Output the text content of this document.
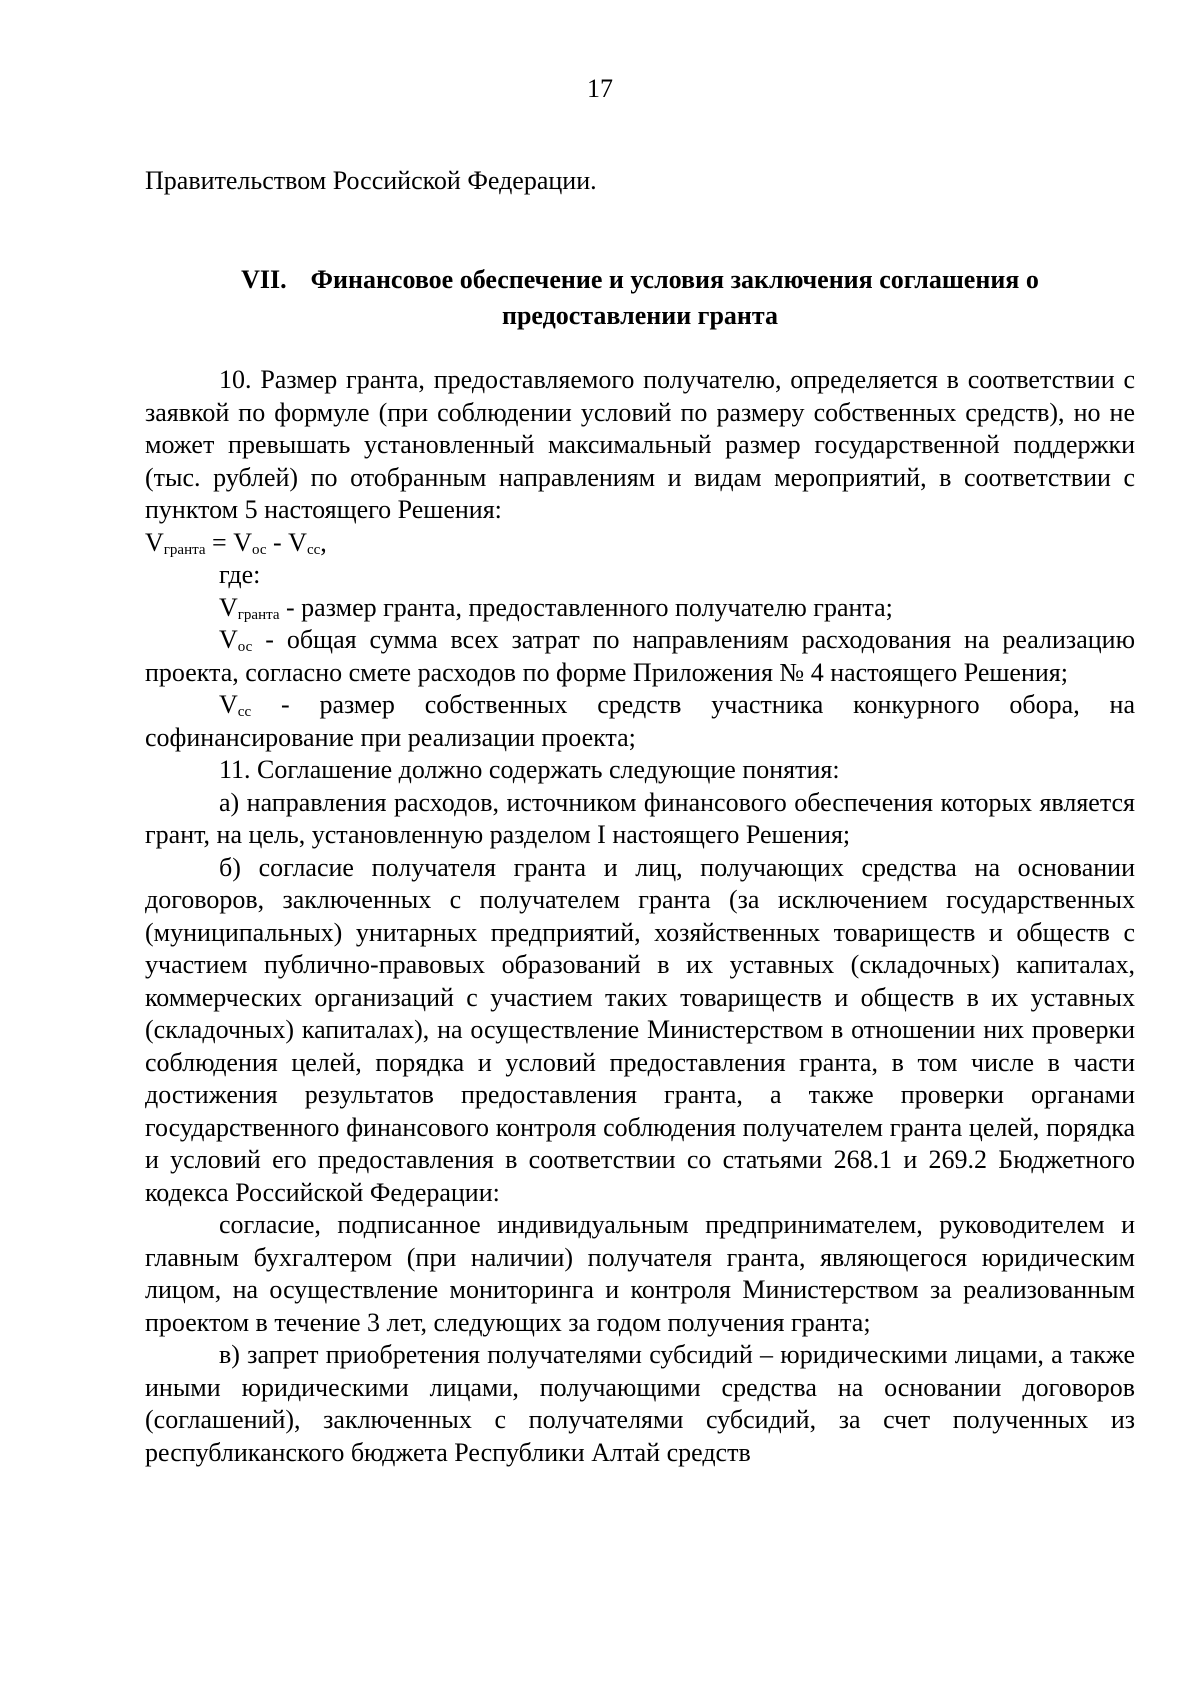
17
Правительством Российской Федерации.
VII. Финансовое обеспечение и условия заключения соглашения о
предоставлении гранта

10. Размер гранта, предоставляемого получателю, определяется в соответствии с заявкой по формуле (при соблюдении условий по размеру собственных средств), но не может превышать установленный максимальный размер государственной поддержки (тыс. рублей) по отобранным направлениям и видам мероприятий, в соответствии с пунктом 5 настоящего Решения:

$V_{гранта} = V_{ос} - V_{сс}$,

где:

$V_{гранта}$ - размер гранта, предоставленного получателю гранта;

$V_{ос}$ - общая сумма всех затрат по направлениям расходования на реализацию проекта, согласно смете расходов по форме Приложения № 4 настоящего Решения;

$V_{сс}$ - размер собственных средств участника конкурного обора, на софинансирование при реализации проекта;

11. Соглашение должно содержать следующие понятия:

а) направления расходов, источником финансового обеспечения которых является грант, на цель, установленную разделом I настоящего Решения;

б) согласие получателя гранта и лиц, получающих средства на основании договоров, заключенных с получателем гранта (за исключением государственных (муниципальных) унитарных предприятий, хозяйственных товариществ и обществ с участием публично-правовых образований в их уставных (складочных) капиталах, коммерческих организаций с участием таких товариществ и обществ в их уставных (складочных) капиталах), на осуществление Министерством в отношении них проверки соблюдения целей, порядка и условий предоставления гранта, в том числе в части достижения результатов предоставления гранта, а также проверки органами государственного финансового контроля соблюдения получателем гранта целей, порядка и условий его предоставления в соответствии со статьями 268.1 и 269.2 Бюджетного кодекса Российской Федерации:

согласие, подписанное индивидуальным предпринимателем, руководителем и главным бухгалтером (при наличии) получателя гранта, являющегося юридическим лицом, на осуществление мониторинга и контроля Министерством за реализованным проектом в течение 3 лет, следующих за годом получения гранта;

в) запрет приобретения получателями субсидий – юридическими лицами, а также иными юридическими лицами, получающими средства на основании договоров (соглашений), заключенных с получателями субсидий, за счет полученных из республиканского бюджета Республики Алтай средств
